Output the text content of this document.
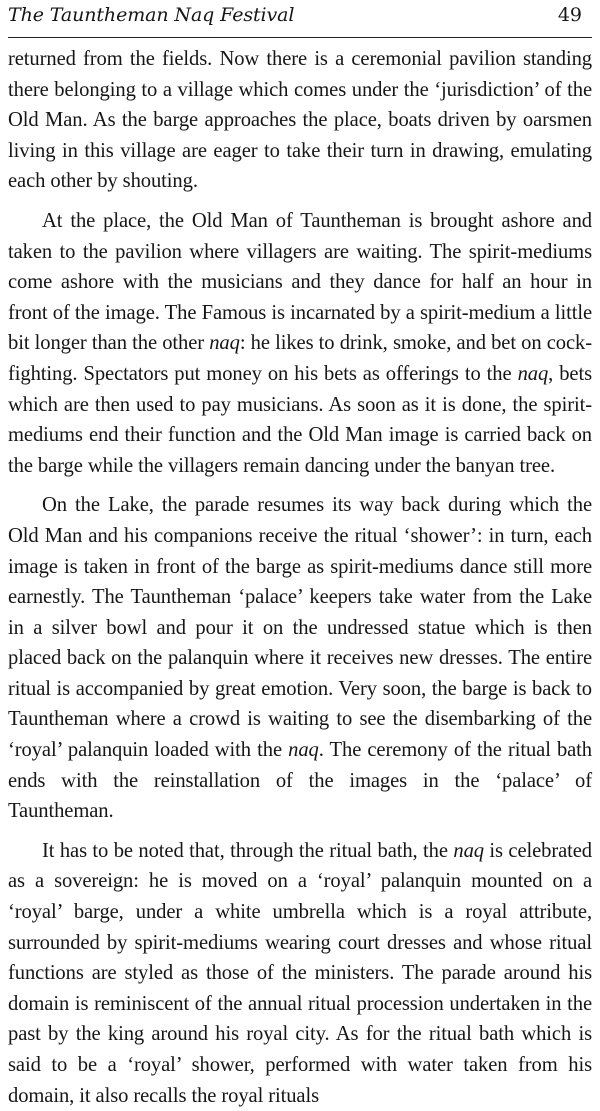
The Tauntheman Naq Festival	49

returned from the fields. Now there is a ceremonial pavilion standing there belonging to a village which comes under the ‘jurisdiction’ of the Old Man. As the barge approaches the place, boats driven by oarsmen living in this village are eager to take their turn in drawing, emulating each other by shouting.

At the place, the Old Man of Tauntheman is brought ashore and taken to the pavilion where villagers are waiting. The spirit-mediums come ashore with the musicians and they dance for half an hour in front of the image. The Famous is incarnated by a spirit-medium a little bit longer than the other naq: he likes to drink, smoke, and bet on cock-fighting. Spectators put money on his bets as offerings to the naq, bets which are then used to pay musicians. As soon as it is done, the spirit-mediums end their function and the Old Man image is carried back on the barge while the villagers remain dancing under the banyan tree.

On the Lake, the parade resumes its way back during which the Old Man and his companions receive the ritual ‘shower’: in turn, each image is taken in front of the barge as spirit-mediums dance still more earnestly. The Tauntheman ‘palace’ keepers take water from the Lake in a silver bowl and pour it on the undressed statue which is then placed back on the palanquin where it receives new dresses. The entire ritual is accompanied by great emotion. Very soon, the barge is back to Tauntheman where a crowd is waiting to see the disembarking of the ‘royal’ palanquin loaded with the naq. The ceremony of the ritual bath ends with the reinstallation of the images in the ‘palace’ of Tauntheman.

It has to be noted that, through the ritual bath, the naq is celebrated as a sovereign: he is moved on a ‘royal’ palanquin mounted on a ‘royal’ barge, under a white umbrella which is a royal attribute, surrounded by spirit-mediums wearing court dresses and whose ritual functions are styled as those of the ministers. The parade around his domain is reminiscent of the annual ritual procession undertaken in the past by the king around his royal city. As for the ritual bath which is said to be a ‘royal’ shower, performed with water taken from his domain, it also recalls the royal rituals
